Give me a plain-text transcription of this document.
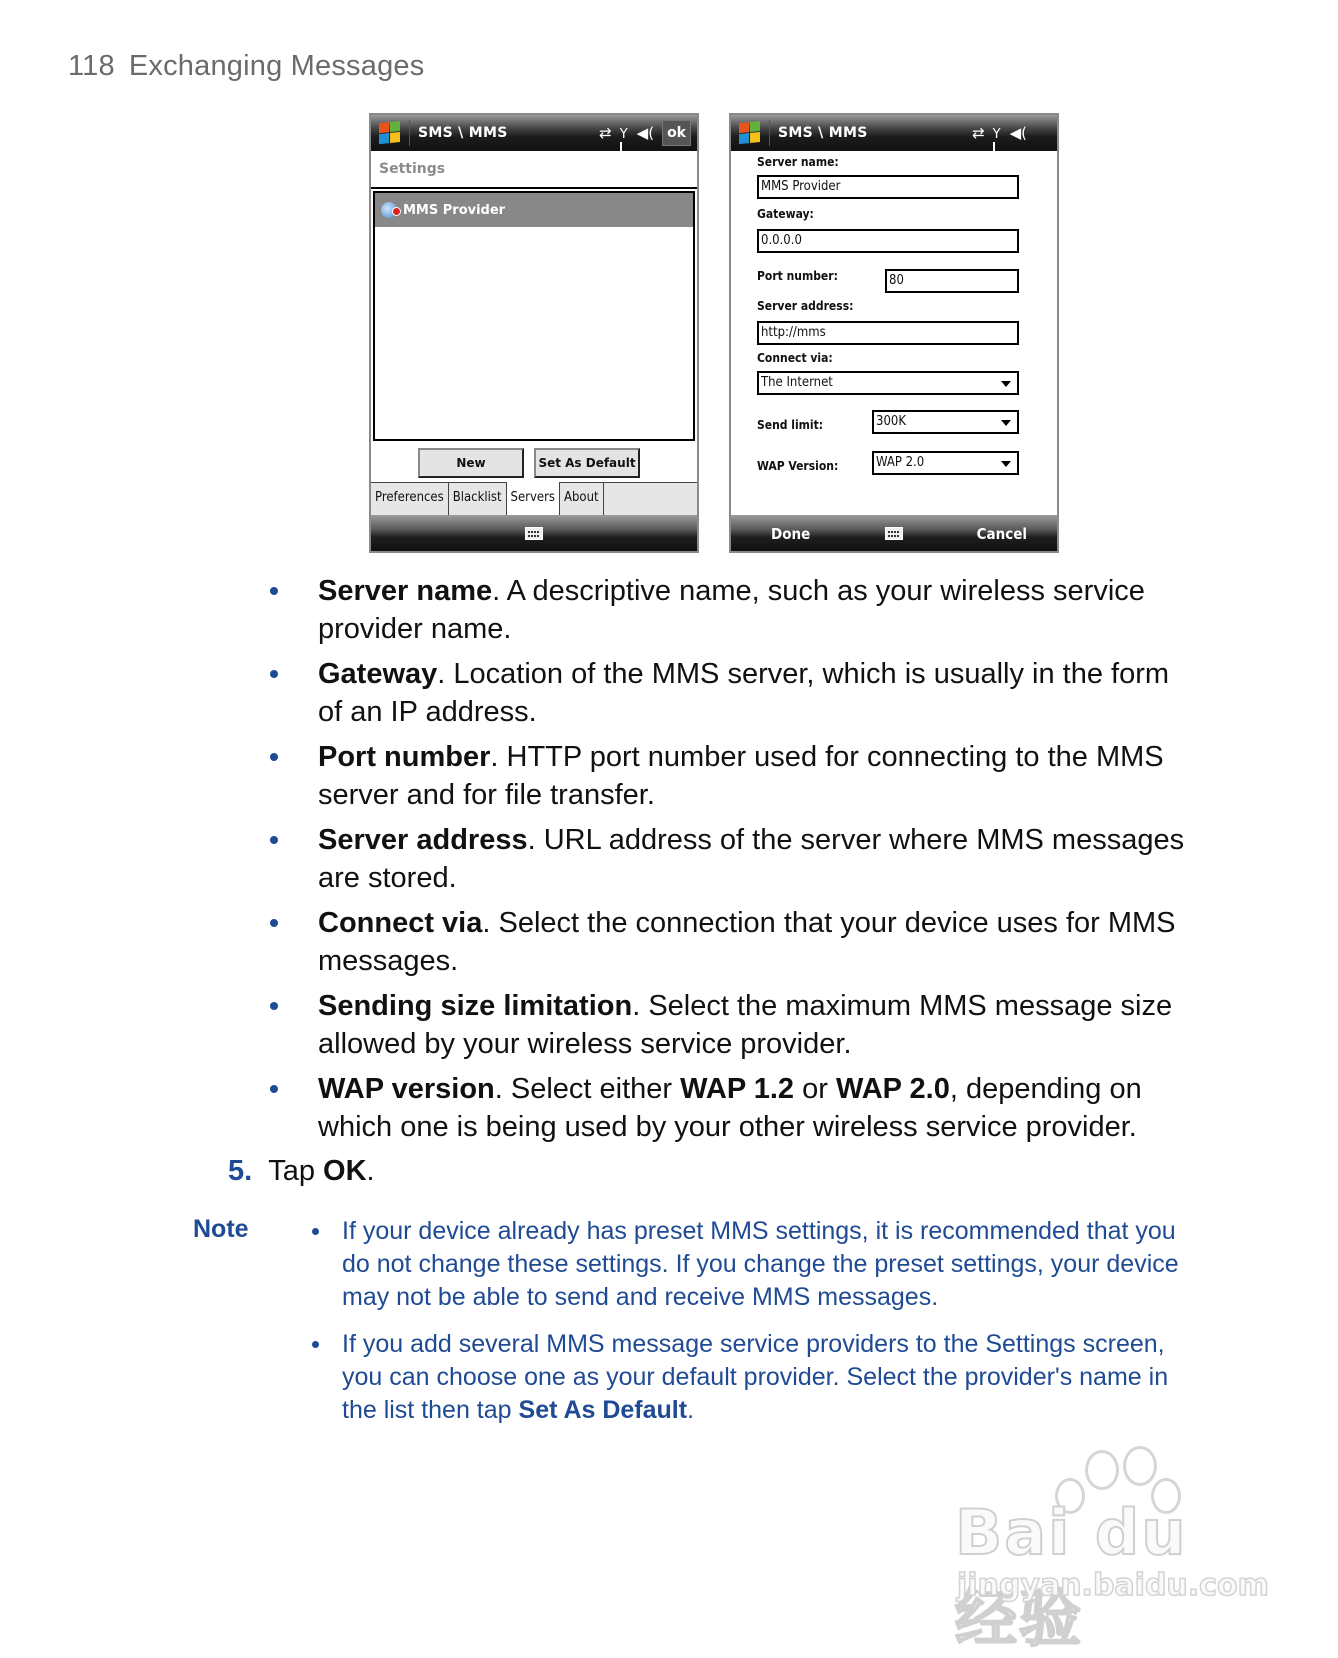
118 Exchanging Messages
SMS \ MMS	⇄ Y ◀( ok
Settings
MMS Provider
New	Set As Default
Preferences Blacklist Servers About
SMS \ MMS	⇄ Y ◀(
Server name:
MMS Provider
Gateway:
0.0.0.0
Port number:	80
Server address:
http://mms
Connect via:
The Internet
Send limit:	300K
WAP Version:	WAP 2.0
Done	Cancel
Server name. A descriptive name, such as your wireless service provider name.
Gateway. Location of the MMS server, which is usually in the form of an IP address.
Port number. HTTP port number used for connecting to the MMS server and for file transfer.
Server address. URL address of the server where MMS messages are stored.
Connect via. Select the connection that your device uses for MMS messages.
Sending size limitation. Select the maximum MMS message size allowed by your wireless service provider.
WAP version. Select either WAP 1.2 or WAP 2.0, depending on which one is being used by your other wireless service provider.
5. Tap OK.
Note	If your device already has preset MMS settings, it is recommended that you do not change these settings. If you change the preset settings, your device may not be able to send and receive MMS messages.
If you add several MMS message service providers to the Settings screen, you can choose one as your default provider. Select the provider's name in the list then tap Set As Default.
Bai du 经验
jingyan.baidu.com
